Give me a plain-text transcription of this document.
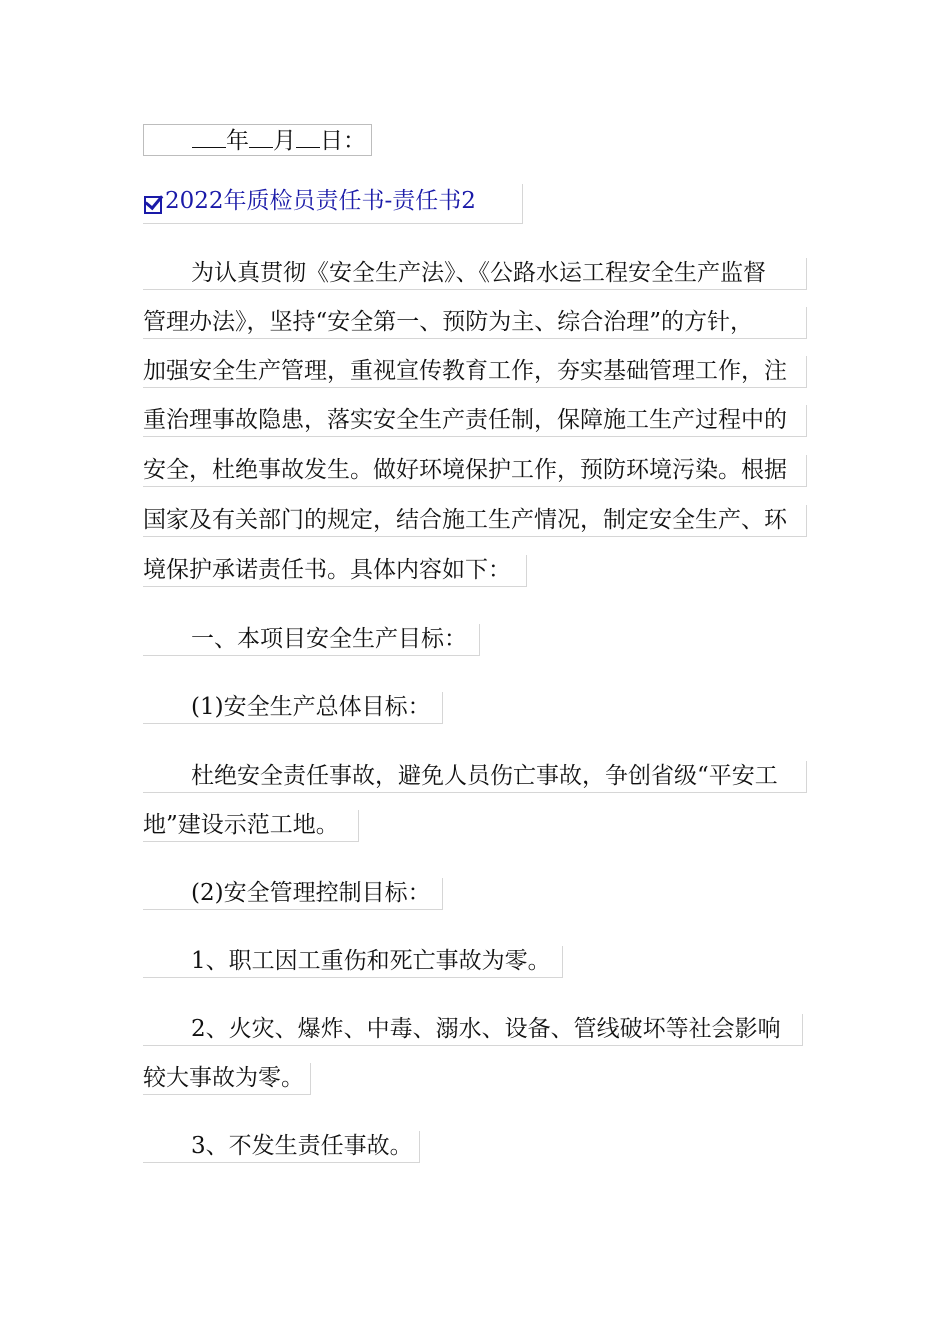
年 月 日：
2022年质检员责任书-责任书2
为认真贯彻《安全生产法》、《公路水运工程安全生产监督
管理办法》，坚持“安全第一、预防为主、综合治理”的方针，
加强安全生产管理，重视宣传教育工作，夯实基础管理工作，注
重治理事故隐患，落实安全生产责任制，保障施工生产过程中的
安全，杜绝事故发生。做好环境保护工作，预防环境污染。根据
国家及有关部门的规定，结合施工生产情况，制定安全生产、环
境保护承诺责任书。具体内容如下：
一、本项目安全生产目标：
(1)安全生产总体目标：
杜绝安全责任事故，避免人员伤亡事故，争创省级“平安工
地”建设示范工地。
(2)安全管理控制目标：
1、职工因工重伤和死亡事故为零。
2、火灾、爆炸、中毒、溺水、设备、管线破坏等社会影响
较大事故为零。
3、不发生责任事故。
